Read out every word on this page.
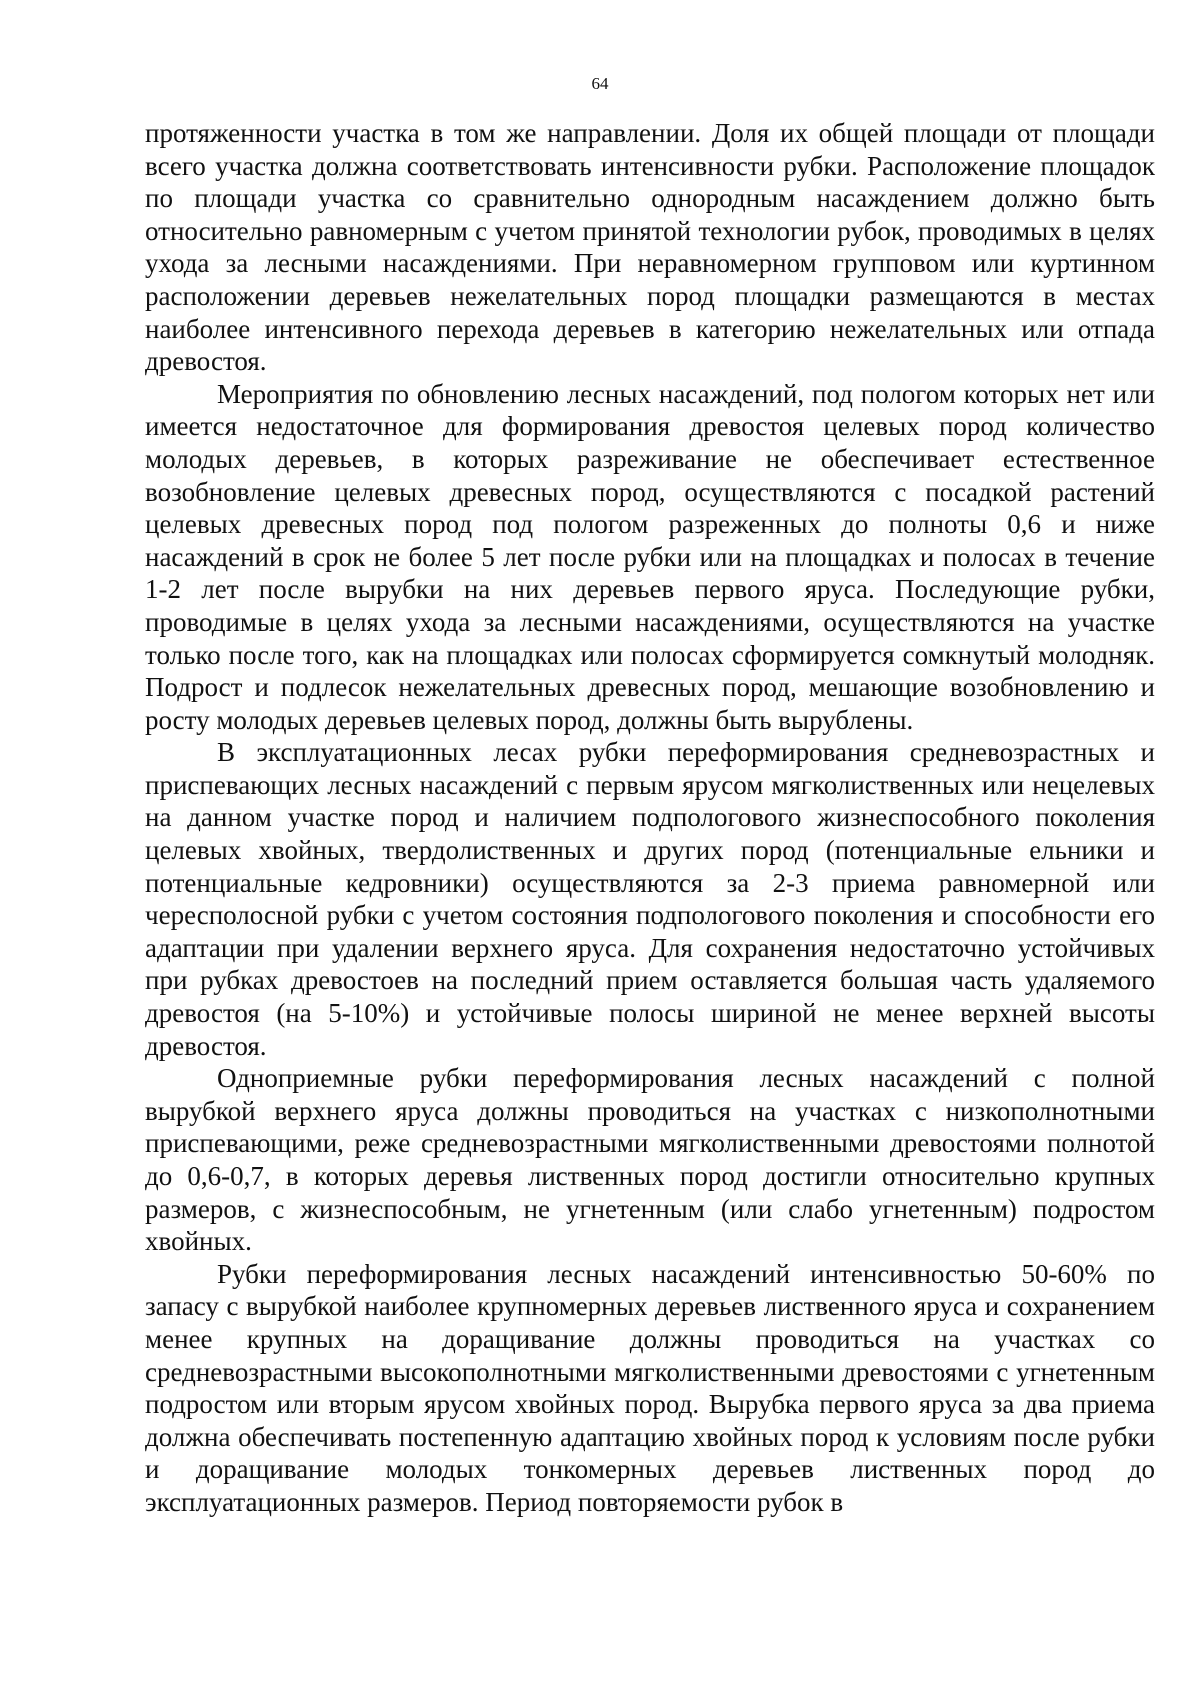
64

протяженности участка в том же направлении. Доля их общей площади от площади всего участка должна соответствовать интенсивности рубки. Расположение площадок по площади участка со сравнительно однородным насаждением должно быть относительно равномерным с учетом принятой технологии рубок, проводимых в целях ухода за лесными насаждениями. При неравномерном групповом или куртинном расположении деревьев нежелательных пород площадки размещаются в местах наиболее интенсивного перехода деревьев в категорию нежелательных или отпада древостоя.

Мероприятия по обновлению лесных насаждений, под пологом которых нет или имеется недостаточное для формирования древостоя целевых пород количество молодых деревьев, в которых разреживание не обеспечивает естественное возобновление целевых древесных пород, осуществляются с посадкой растений целевых древесных пород под пологом разреженных до полноты 0,6 и ниже насаждений в срок не более 5 лет после рубки или на площадках и полосах в течение 1-2 лет после вырубки на них деревьев первого яруса. Последующие рубки, проводимые в целях ухода за лесными насаждениями, осуществляются на участке только после того, как на площадках или полосах сформируется сомкнутый молодняк. Подрост и подлесок нежелательных древесных пород, мешающие возобновлению и росту молодых деревьев целевых пород, должны быть вырублены.

В эксплуатационных лесах рубки переформирования средневозрастных и приспевающих лесных насаждений с первым ярусом мягколиственных или нецелевых на данном участке пород и наличием подпологового жизнеспособного поколения целевых хвойных, твердолиственных и других пород (потенциальные ельники и потенциальные кедровники) осуществляются за 2-3 приема равномерной или чересполосной рубки с учетом состояния подпологового поколения и способности его адаптации при удалении верхнего яруса. Для сохранения недостаточно устойчивых при рубках древостоев на последний прием оставляется большая часть удаляемого древостоя (на 5-10%) и устойчивые полосы шириной не менее верхней высоты древостоя.

Одноприемные рубки переформирования лесных насаждений с полной вырубкой верхнего яруса должны проводиться на участках с низкополнотными приспевающими, реже средневозрастными мягколиственными древостоями полнотой до 0,6-0,7, в которых деревья лиственных пород достигли относительно крупных размеров, с жизнеспособным, не угнетенным (или слабо угнетенным) подростом хвойных.

Рубки переформирования лесных насаждений интенсивностью 50-60% по запасу с вырубкой наиболее крупномерных деревьев лиственного яруса и сохранением менее крупных на доращивание должны проводиться на участках со средневозрастными высокополнотными мягколиственными древостоями с угнетенным подростом или вторым ярусом хвойных пород. Вырубка первого яруса за два приема должна обеспечивать постепенную адаптацию хвойных пород к условиям после рубки и доращивание молодых тонкомерных деревьев лиственных пород до эксплуатационных размеров. Период повторяемости рубок в
